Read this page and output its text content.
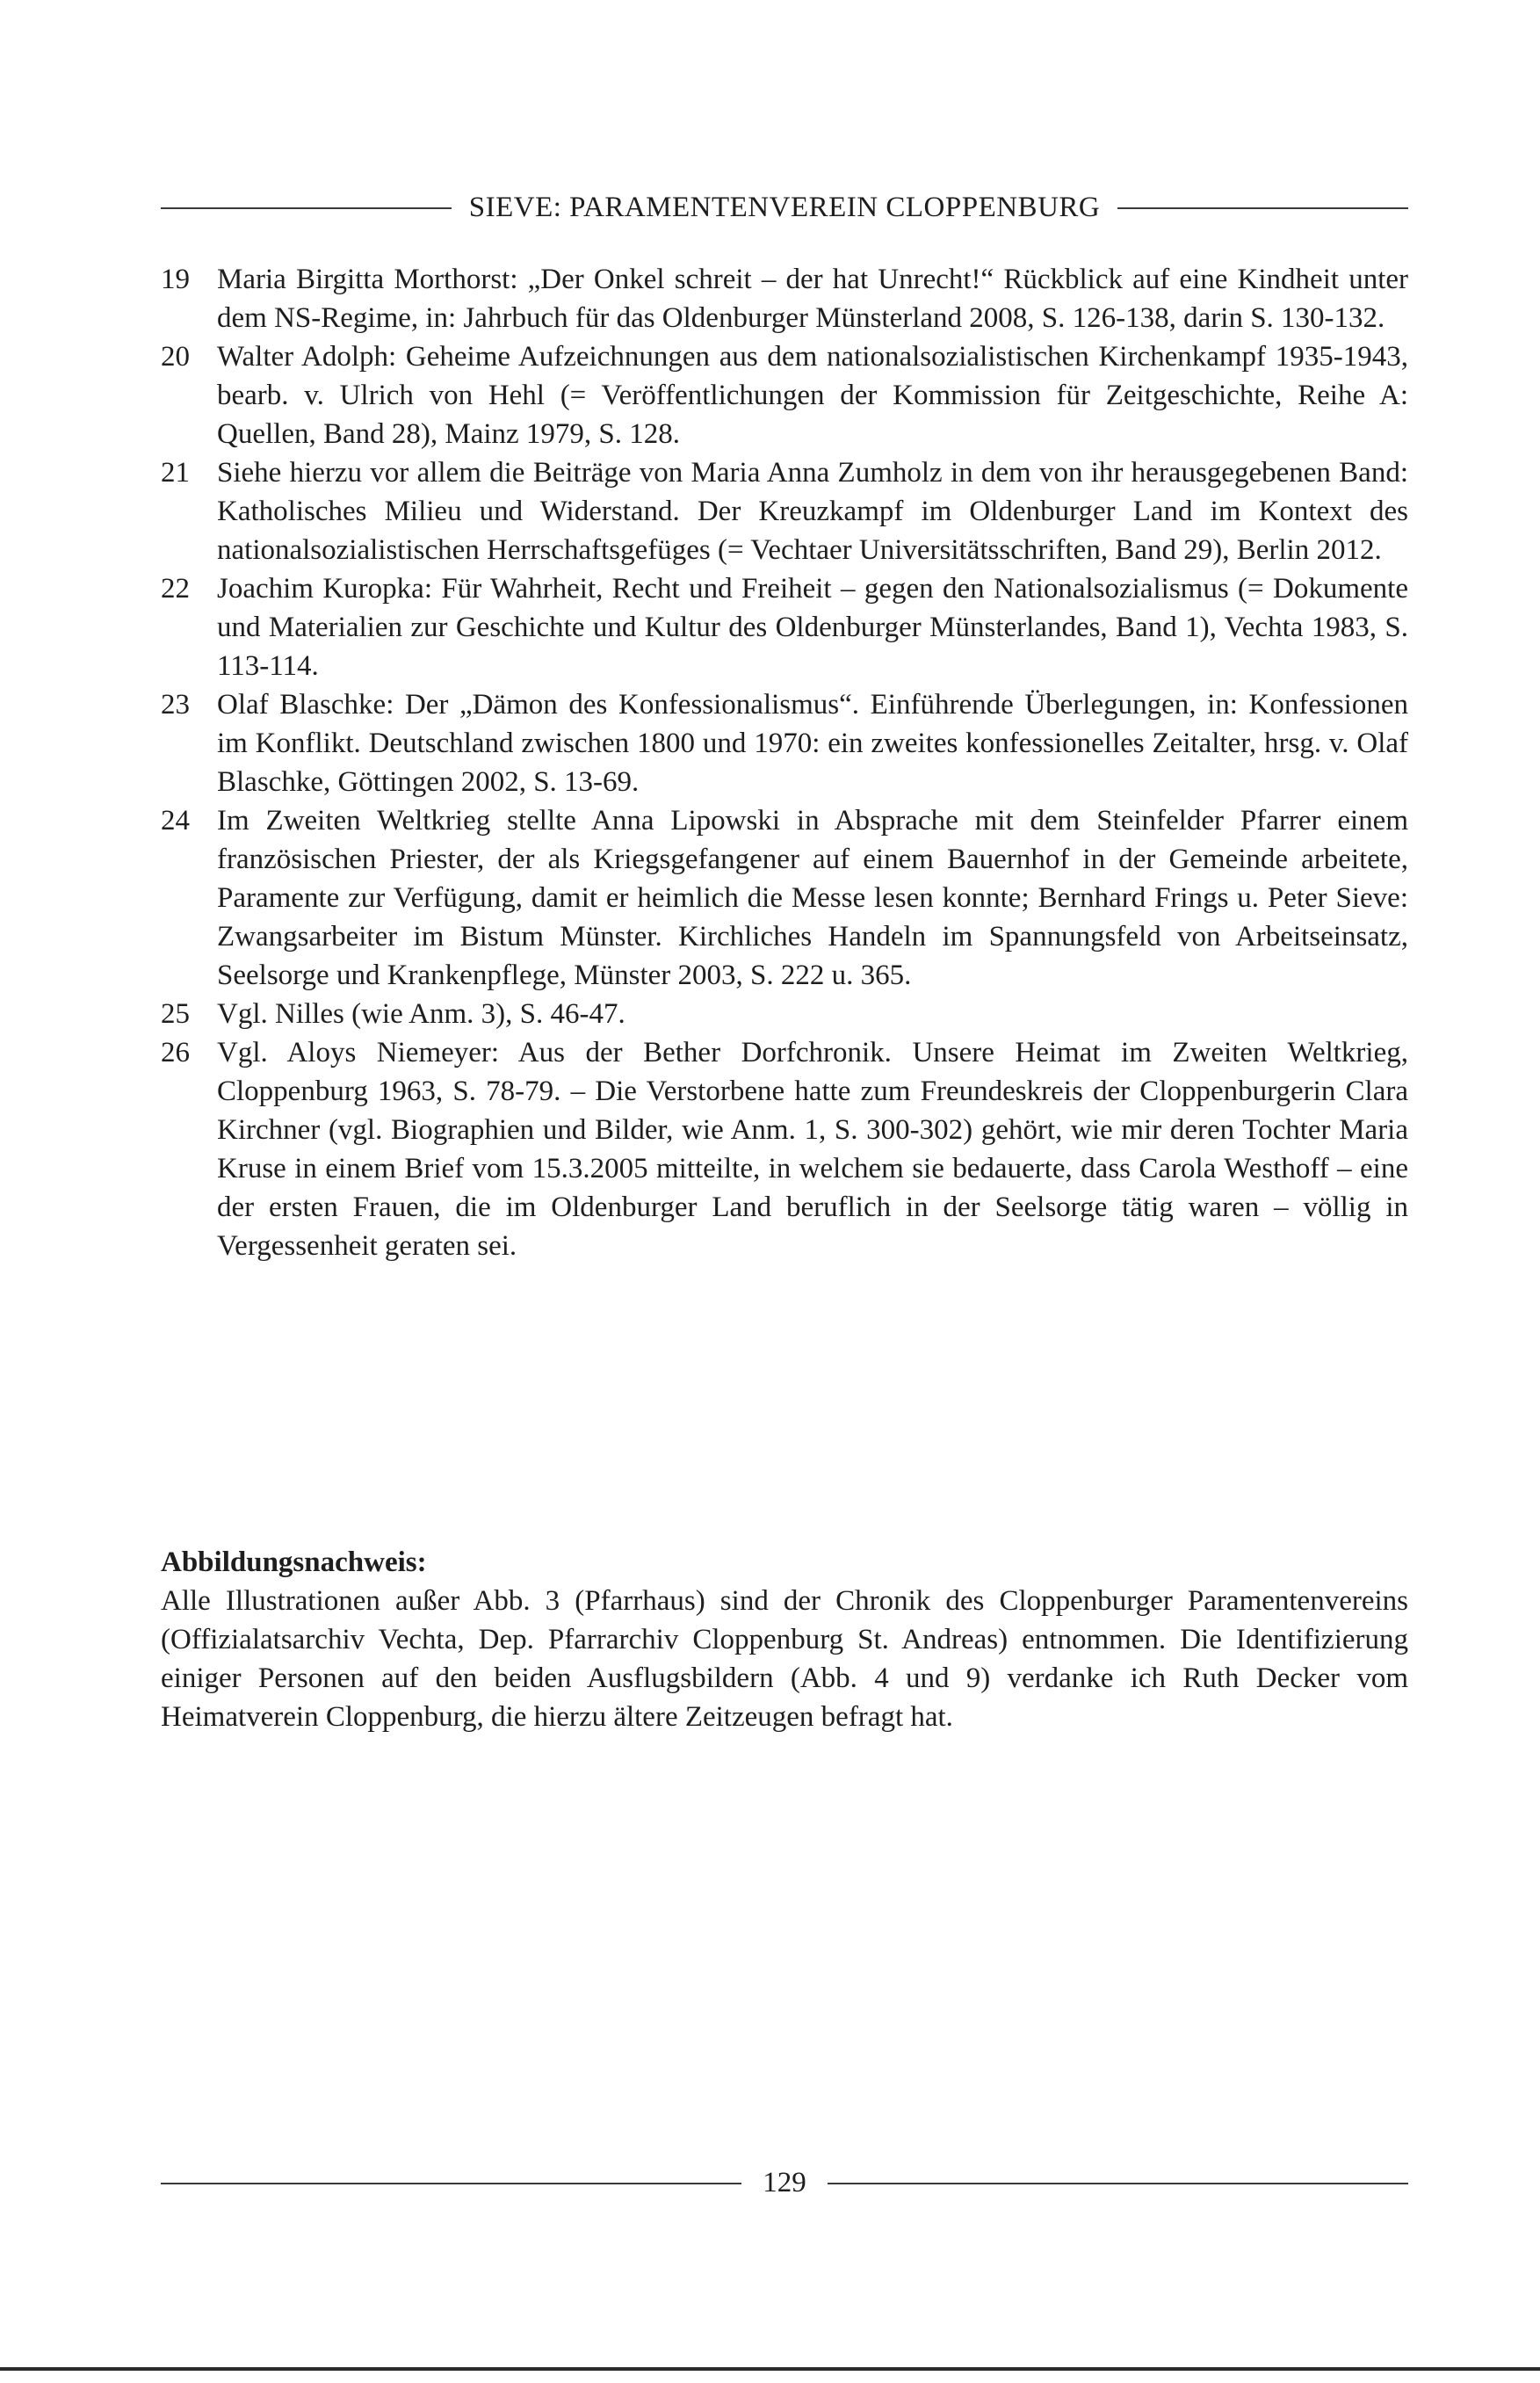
SIEVE: PARAMENTENVEREIN CLOPPENBURG

19 Maria Birgitta Morthorst: „Der Onkel schreit – der hat Unrecht!“ Rückblick auf eine Kindheit unter dem NS-Regime, in: Jahrbuch für das Oldenburger Münsterland 2008, S. 126-138, darin S. 130-132.

20 Walter Adolph: Geheime Aufzeichnungen aus dem nationalsozialistischen Kirchenkampf 1935-1943, bearb. v. Ulrich von Hehl (= Veröffentlichungen der Kommission für Zeitgeschichte, Reihe A: Quellen, Band 28), Mainz 1979, S. 128.

21 Siehe hierzu vor allem die Beiträge von Maria Anna Zumholz in dem von ihr herausgegebenen Band: Katholisches Milieu und Widerstand. Der Kreuzkampf im Oldenburger Land im Kontext des nationalsozialistischen Herrschaftsgefüges (= Vechtaer Universitätsschriften, Band 29), Berlin 2012.

22 Joachim Kuropka: Für Wahrheit, Recht und Freiheit – gegen den Nationalsozialismus (= Dokumente und Materialien zur Geschichte und Kultur des Oldenburger Münsterlandes, Band 1), Vechta 1983, S. 113-114.

23 Olaf Blaschke: Der „Dämon des Konfessionalismus“. Einführende Überlegungen, in: Konfessionen im Konflikt. Deutschland zwischen 1800 und 1970: ein zweites konfessionelles Zeitalter, hrsg. v. Olaf Blaschke, Göttingen 2002, S. 13-69.

24 Im Zweiten Weltkrieg stellte Anna Lipowski in Absprache mit dem Steinfelder Pfarrer einem französischen Priester, der als Kriegsgefangener auf einem Bauernhof in der Gemeinde arbeitete, Paramente zur Verfügung, damit er heimlich die Messe lesen konnte; Bernhard Frings u. Peter Sieve: Zwangsarbeiter im Bistum Münster. Kirchliches Handeln im Spannungsfeld von Arbeitseinsatz, Seelsorge und Krankenpflege, Münster 2003, S. 222 u. 365.

25 Vgl. Nilles (wie Anm. 3), S. 46-47.

26 Vgl. Aloys Niemeyer: Aus der Bether Dorfchronik. Unsere Heimat im Zweiten Weltkrieg, Cloppenburg 1963, S. 78-79. – Die Verstorbene hatte zum Freundeskreis der Cloppenburgerin Clara Kirchner (vgl. Biographien und Bilder, wie Anm. 1, S. 300-302) gehört, wie mir deren Tochter Maria Kruse in einem Brief vom 15.3.2005 mitteilte, in welchem sie bedauerte, dass Carola Westhoff – eine der ersten Frauen, die im Oldenburger Land beruflich in der Seelsorge tätig waren – völlig in Vergessenheit geraten sei.

Abbildungsnachweis:

Alle Illustrationen außer Abb. 3 (Pfarrhaus) sind der Chronik des Cloppenburger Paramentenvereins (Offizialatsarchiv Vechta, Dep. Pfarrarchiv Cloppenburg St. Andreas) entnommen. Die Identifizierung einiger Personen auf den beiden Ausflugsbildern (Abb. 4 und 9) verdanke ich Ruth Decker vom Heimatverein Cloppenburg, die hierzu ältere Zeitzeugen befragt hat.

129
